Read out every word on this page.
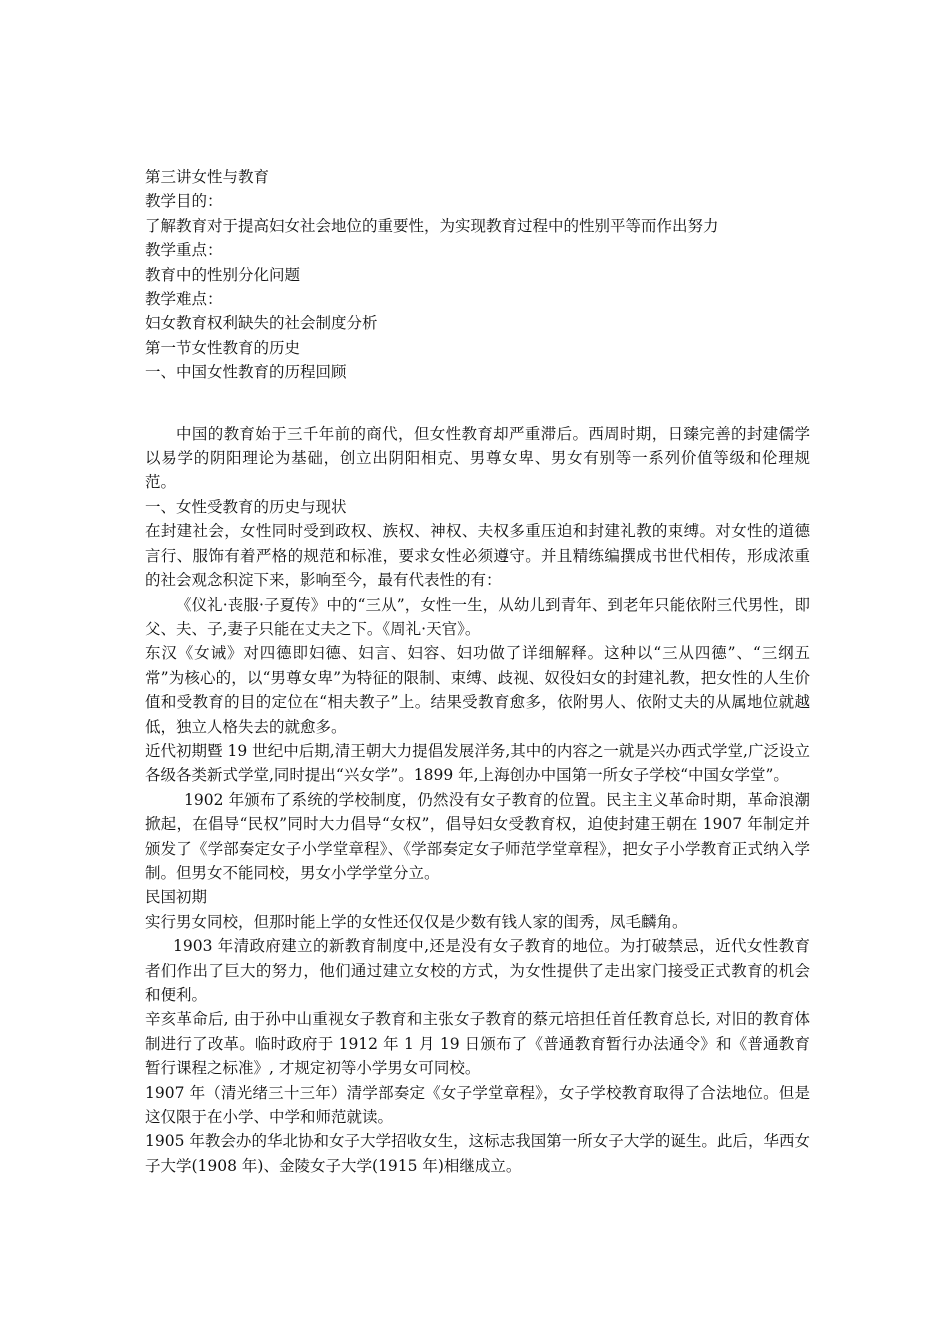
第三讲女性与教育

教学目的：

了解教育对于提高妇女社会地位的重要性，为实现教育过程中的性别平等而作出努力

教学重点：

教育中的性别分化问题

教学难点：

妇女教育权利缺失的社会制度分析

第一节女性教育的历史

一、中国女性教育的历程回顾

中国的教育始于三千年前的商代，但女性教育却严重滞后。西周时期，日臻完善的封建儒学以易学的阴阳理论为基础，创立出阴阳相克、男尊女卑、男女有别等一系列价值等级和伦理规范。

一、女性受教育的历史与现状

在封建社会，女性同时受到政权、族权、神权、夫权多重压迫和封建礼教的束缚。对女性的道德言行、服饰有着严格的规范和标准，要求女性必须遵守。并且精练编撰成书世代相传，形成浓重的社会观念积淀下来，影响至今，最有代表性的有：

《仪礼·丧服·子夏传》中的“三从”，女性一生，从幼儿到青年、到老年只能依附三代男性，即父、夫、子,妻子只能在丈夫之下。《周礼·天官》。

东汉《女诫》对四德即妇德、妇言、妇容、妇功做了详细解释。这种以“三从四德”、“三纲五常”为核心的，以“男尊女卑”为特征的限制、束缚、歧视、奴役妇女的封建礼教，把女性的人生价值和受教育的目的定位在“相夫教子”上。结果受教育愈多，依附男人、依附丈夫的从属地位就越低，独立人格失去的就愈多。

近代初期暨 19 世纪中后期,清王朝大力提倡发展洋务,其中的内容之一就是兴办西式学堂,广泛设立各级各类新式学堂,同时提出“兴女学”。1899 年,上海创办中国第一所女子学校“中国女学堂”。

1902 年颁布了系统的学校制度，仍然没有女子教育的位置。民主主义革命时期，革命浪潮掀起，在倡导“民权”同时大力倡导“女权”，倡导妇女受教育权，迫使封建王朝在 1907 年制定并颁发了《学部奏定女子小学堂章程》、《学部奏定女子师范学堂章程》，把女子小学教育正式纳入学制。但男女不能同校，男女小学学堂分立。

民国初期

实行男女同校，但那时能上学的女性还仅仅是少数有钱人家的闺秀，凤毛麟角。

1903 年清政府建立的新教育制度中,还是没有女子教育的地位。为打破禁忌，近代女性教育者们作出了巨大的努力，他们通过建立女校的方式，为女性提供了走出家门接受正式教育的机会和便利。

辛亥革命后, 由于孙中山重视女子教育和主张女子教育的蔡元培担任首任教育总长, 对旧的教育体制进行了改革。临时政府于 1912 年 1 月 19 日颁布了《普通教育暂行办法通令》和《普通教育暂行课程之标准》, 才规定初等小学男女可同校。

1907 年（清光绪三十三年）清学部奏定《女子学堂章程》，女子学校教育取得了合法地位。但是这仅限于在小学、中学和师范就读。

1905 年教会办的华北协和女子大学招收女生，这标志我国第一所女子大学的诞生。此后，华西女子大学(1908 年)、金陵女子大学(1915 年)相继成立。
